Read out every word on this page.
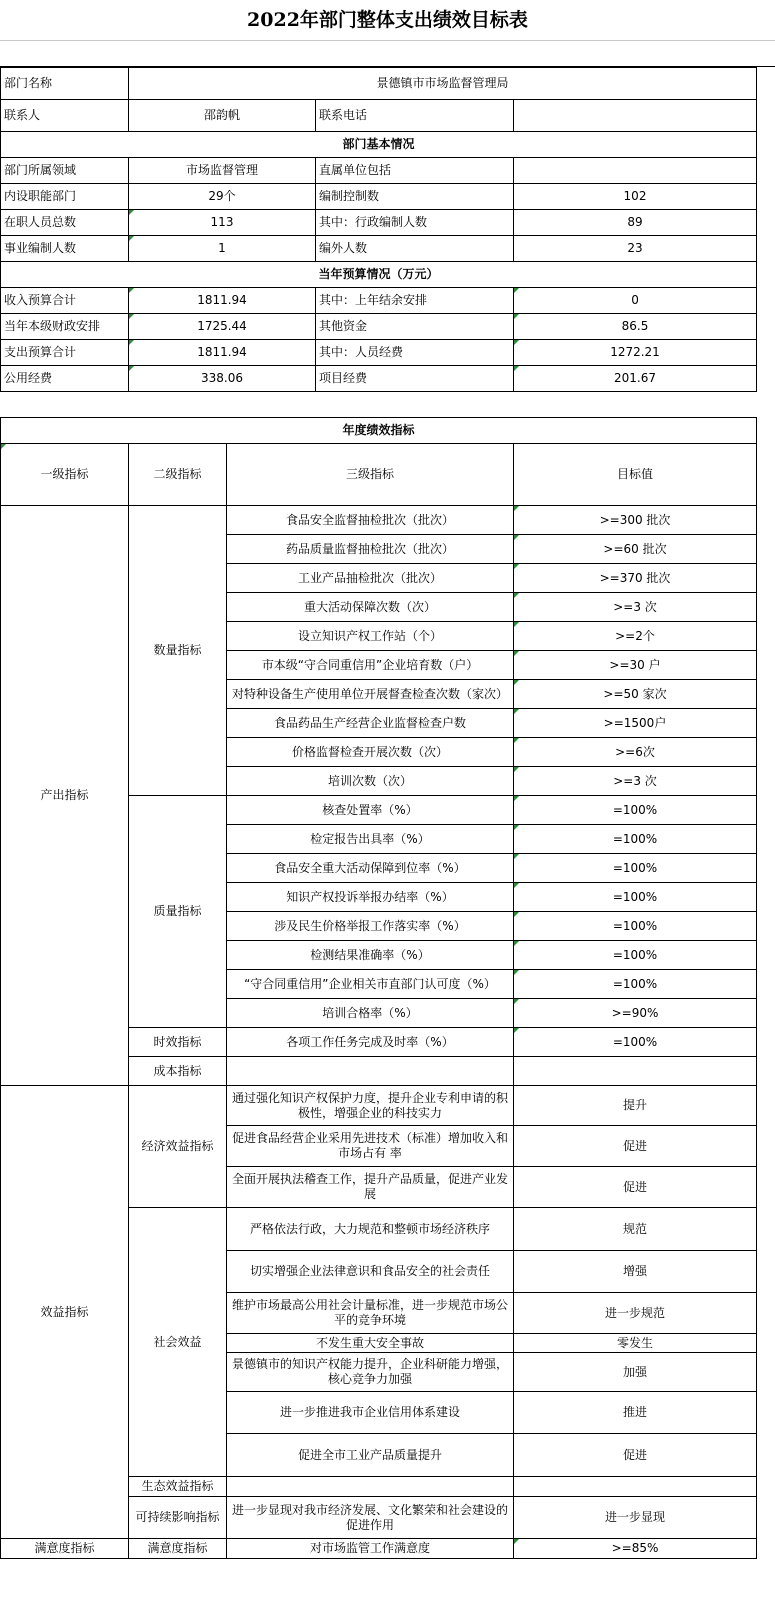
2022年部门整体支出绩效目标表
部门名称	景德镇市市场监督管理局			
联系人	邵韵帆		联系电话	
部门基本情况				
部门所属领域	市场监督管理		直属单位包括	
内设职能部门	29个		编制控制数	102
在职人员总数	113		其中：行政编制人数	89
事业编制人数	1		编外人数	23
当年预算情况（万元）				
收入预算合计	1811.94		其中：上年结余安排	0
当年本级财政安排	1725.44		其他资金	86.5
支出预算合计	1811.94		其中：人员经费	1272.21
公用经费	338.06		项目经费	201.67

年度绩效指标				
一级指标	二级指标	三级指标		目标值
产出指标	数量指标	食品安全监督抽检批次（批次）		>=300 批次
		药品质量监督抽检批次（批次）		>=60 批次
		工业产品抽检批次（批次）		>=370 批次
		重大活动保障次数（次）		>=3 次
		设立知识产权工作站（个）		>=2个
		市本级“守合同重信用”企业培育数（户）		>=30 户
		对特种设备生产使用单位开展督查检查次数（家次）		>=50 家次
		食品药品生产经营企业监督检查户数		>=1500户
		价格监督检查开展次数（次）		>=6次
		培训次数（次）		>=3 次
	质量指标	核查处置率（%）		=100%
		检定报告出具率（%）		=100%
		食品安全重大活动保障到位率（%）		=100%
		知识产权投诉举报办结率（%）		=100%
		涉及民生价格举报工作落实率（%）		=100%
		检测结果准确率（%）		=100%
		“守合同重信用”企业相关市直部门认可度（%）		=100%
		培训合格率（%）		>=90%
	时效指标	各项工作任务完成及时率（%）		=100%
	成本指标			
效益指标	经济效益指标	通过强化知识产权保护力度，提升企业专利申请的积极性，增强企业的科技实力		提升
		促进食品经营企业采用先进技术（标准）增加收入和市场占有 率		促进
		全面开展执法稽查工作，提升产品质量，促进产业发展		促进
	社会效益	严格依法行政，大力规范和整顿市场经济秩序		规范
		切实增强企业法律意识和食品安全的社会责任		增强
		维护市场最高公用社会计量标准，进一步规范市场公平的竞争环境		进一步规范
		不发生重大安全事故		零发生
		景德镇市的知识产权能力提升，企业科研能力增强，核心竞争力加强		加强
		进一步推进我市企业信用体系建设		推进
		促进全市工业产品质量提升		促进
	生态效益指标			
	可持续影响指标	进一步显现对我市经济发展、文化繁荣和社会建设的促进作用		进一步显现
满意度指标	满意度指标	对市场监管工作满意度		>=85%
